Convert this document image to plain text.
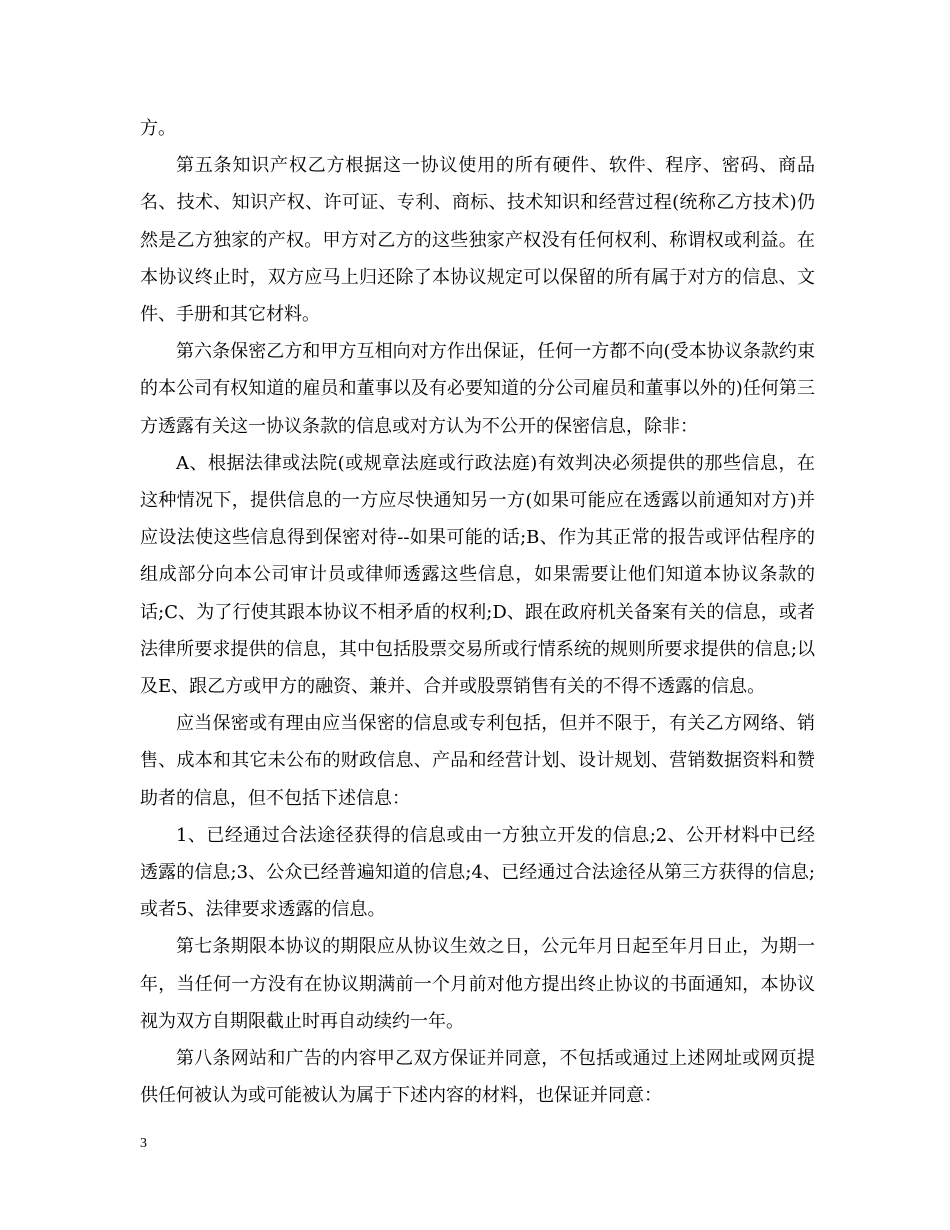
方。

第五条知识产权乙方根据这一协议使用的所有硬件、软件、程序、密码、商品名、技术、知识产权、许可证、专利、商标、技术知识和经营过程(统称乙方技术)仍然是乙方独家的产权。甲方对乙方的这些独家产权没有任何权利、称谓权或利益。在本协议终止时，双方应马上归还除了本协议规定可以保留的所有属于对方的信息、文件、手册和其它材料。

第六条保密乙方和甲方互相向对方作出保证，任何一方都不向(受本协议条款约束的本公司有权知道的雇员和董事以及有必要知道的分公司雇员和董事以外的)任何第三方透露有关这一协议条款的信息或对方认为不公开的保密信息，除非：

A、根据法律或法院(或规章法庭或行政法庭)有效判决必须提供的那些信息，在这种情况下，提供信息的一方应尽快通知另一方(如果可能应在透露以前通知对方)并应设法使这些信息得到保密对待--如果可能的话;B、作为其正常的报告或评估程序的组成部分向本公司审计员或律师透露这些信息，如果需要让他们知道本协议条款的话;C、为了行使其跟本协议不相矛盾的权利;D、跟在政府机关备案有关的信息，或者法律所要求提供的信息，其中包括股票交易所或行情系统的规则所要求提供的信息;以及E、跟乙方或甲方的融资、兼并、合并或股票销售有关的不得不透露的信息。

应当保密或有理由应当保密的信息或专利包括，但并不限于，有关乙方网络、销售、成本和其它未公布的财政信息、产品和经营计划、设计规划、营销数据资料和赞助者的信息，但不包括下述信息：

1、已经通过合法途径获得的信息或由一方独立开发的信息;2、公开材料中已经透露的信息;3、公众已经普遍知道的信息;4、已经通过合法途径从第三方获得的信息;或者5、法律要求透露的信息。

第七条期限本协议的期限应从协议生效之日，公元年月日起至年月日止，为期一年，当任何一方没有在协议期满前一个月前对他方提出终止协议的书面通知，本协议视为双方自期限截止时再自动续约一年。

第八条网站和广告的内容甲乙双方保证并同意，不包括或通过上述网址或网页提供任何被认为或可能被认为属于下述内容的材料，也保证并同意：

3
